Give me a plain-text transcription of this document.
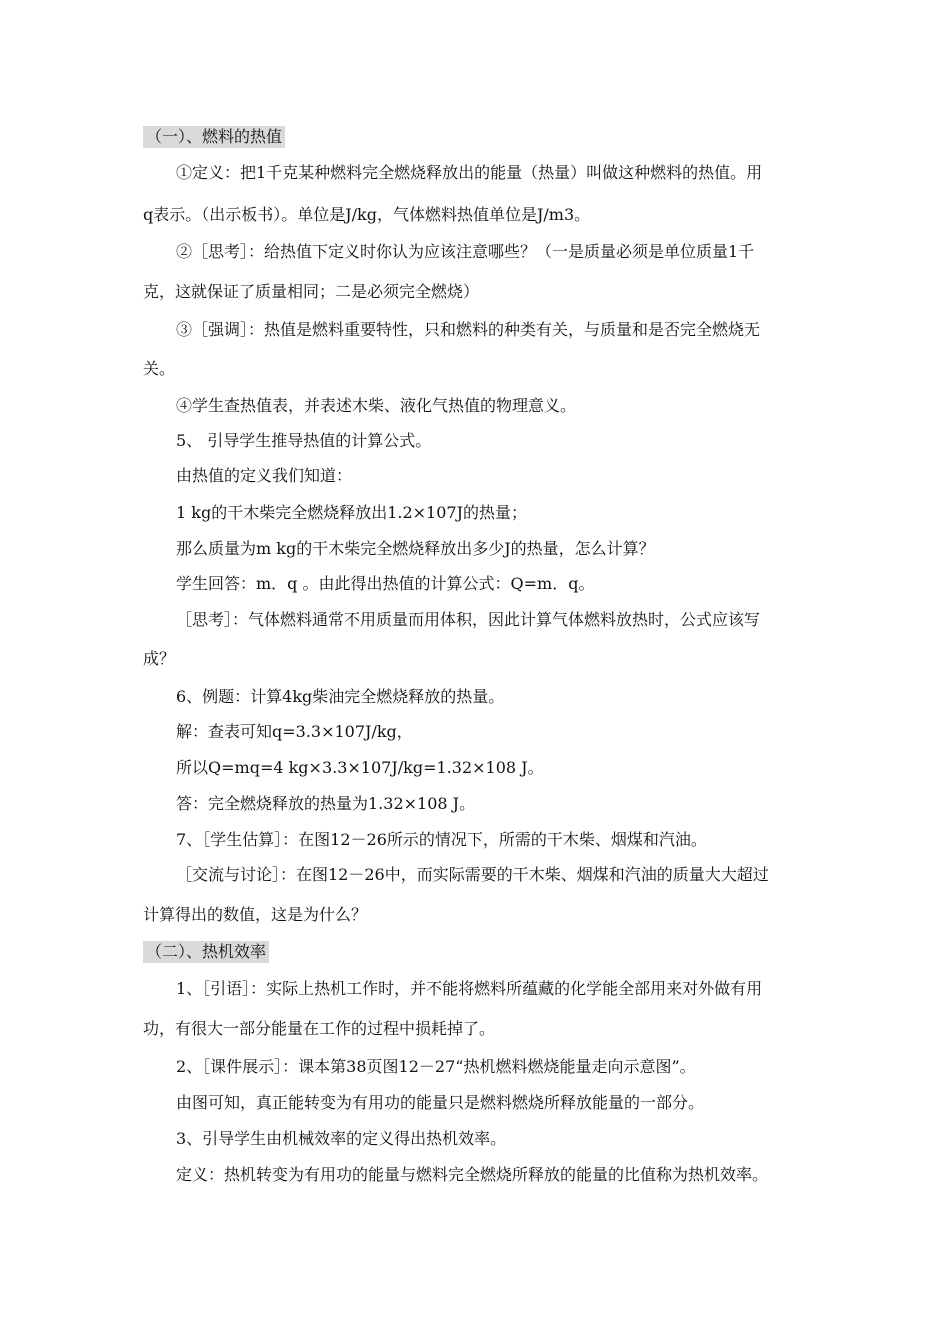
（一）、燃料的热值

①定义：把1千克某种燃料完全燃烧释放出的能量（热量）叫做这种燃料的热值。用

q表示。（出示板书）。单位是J/kg，气体燃料热值单位是J/m3。

②［思考］：给热值下定义时你认为应该注意哪些？（一是质量必须是单位质量1千

克，这就保证了质量相同；二是必须完全燃烧）

③［强调］：热值是燃料重要特性，只和燃料的种类有关，与质量和是否完全燃烧无

关。

④学生查热值表，并表述木柴、液化气热值的物理意义。

5、 引导学生推导热值的计算公式。

由热值的定义我们知道：

1 kg的干木柴完全燃烧释放出1.2×107J的热量；

那么质量为m kg的干木柴完全燃烧释放出多少J的热量，怎么计算？

学生回答：m．q 。由此得出热值的计算公式：Q=m．q。

［思考］：气体燃料通常不用质量而用体积，因此计算气体燃料放热时，公式应该写

成？

6、例题：计算4kg柴油完全燃烧释放的热量。

解：查表可知q=3.3×107J/kg，

所以Q=mq=4 kg×3.3×107J/kg=1.32×108 J。

答：完全燃烧释放的热量为1.32×108 J。

7、［学生估算］：在图12－26所示的情况下，所需的干木柴、烟煤和汽油。

［交流与讨论］：在图12－26中，而实际需要的干木柴、烟煤和汽油的质量大大超过

计算得出的数值，这是为什么？

（二）、热机效率

1、［引语］：实际上热机工作时，并不能将燃料所蕴藏的化学能全部用来对外做有用

功，有很大一部分能量在工作的过程中损耗掉了。

2、［课件展示］：课本第38页图12－27“热机燃料燃烧能量走向示意图”。

由图可知，真正能转变为有用功的能量只是燃料燃烧所释放能量的一部分。

3、引导学生由机械效率的定义得出热机效率。

定义：热机转变为有用功的能量与燃料完全燃烧所释放的能量的比值称为热机效率。
